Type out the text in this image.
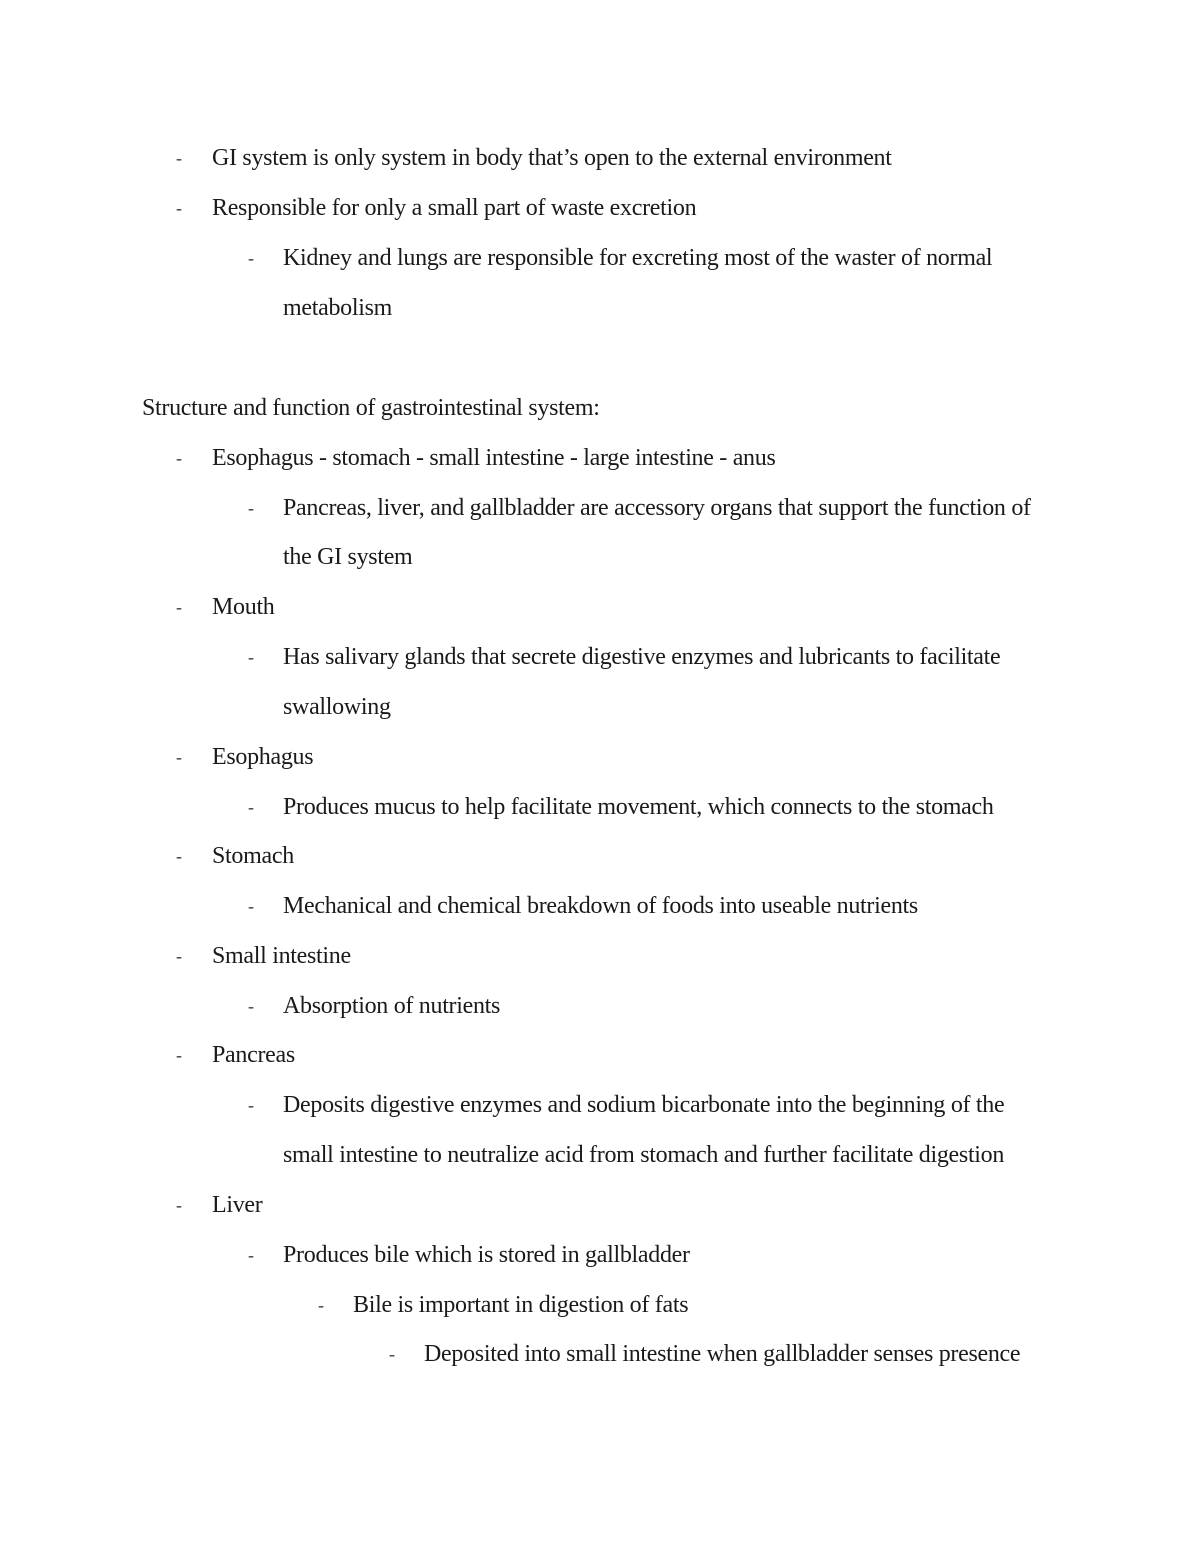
- GI system is only system in body that’s open to the external environment
- Responsible for only a small part of waste excretion
- Kidney and lungs are responsible for excreting most of the waster of normal
metabolism
Structure and function of gastrointestinal system:
- Esophagus - stomach - small intestine - large intestine - anus
- Pancreas, liver, and gallbladder are accessory organs that support the function of
the GI system
- Mouth
- Has salivary glands that secrete digestive enzymes and lubricants to facilitate
swallowing
- Esophagus
- Produces mucus to help facilitate movement, which connects to the stomach
- Stomach
- Mechanical and chemical breakdown of foods into useable nutrients
- Small intestine
- Absorption of nutrients
- Pancreas
- Deposits digestive enzymes and sodium bicarbonate into the beginning of the
small intestine to neutralize acid from stomach and further facilitate digestion
- Liver
- Produces bile which is stored in gallbladder
- Bile is important in digestion of fats
- Deposited into small intestine when gallbladder senses presence
